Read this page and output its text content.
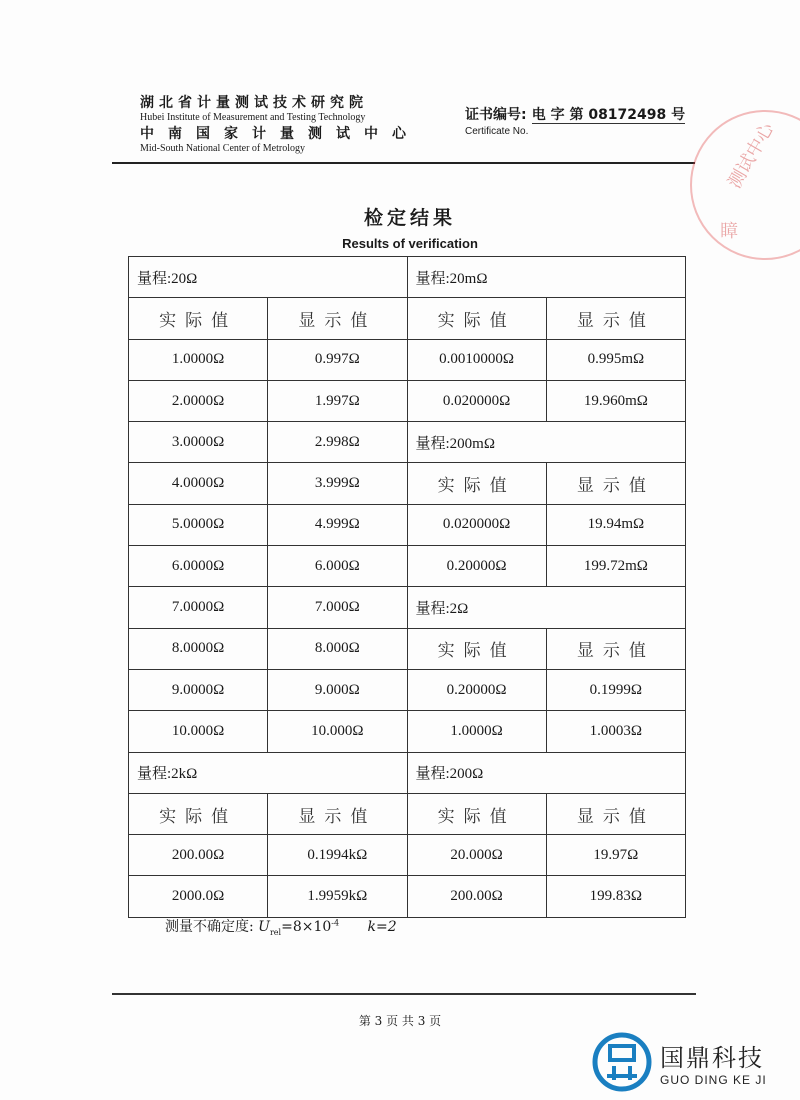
湖北省计量测试技术研究院
Hubei Institute of Measurement and Testing Technology
中南国家计量测试中心
Mid-South National Center of Metrology
证书编号: 电 字 第 08172498 号
Certificate No.	测试中心
瞕
检定结果
Results of verification
量程:20Ω		量程:20mΩ	
实际值	显示值	实际值	显示值
1.0000Ω	0.997Ω	0.0010000Ω	0.995mΩ
2.0000Ω	1.997Ω	0.020000Ω	19.960mΩ
3.0000Ω	2.998Ω	量程:200mΩ	
4.0000Ω	3.999Ω	实际值	显示值
5.0000Ω	4.999Ω	0.020000Ω	19.94mΩ
6.0000Ω	6.000Ω	0.20000Ω	199.72mΩ
7.0000Ω	7.000Ω	量程:2Ω	
8.0000Ω	8.000Ω	实际值	显示值
9.0000Ω	9.000Ω	0.20000Ω	0.1999Ω
10.000Ω	10.000Ω	1.0000Ω	1.0003Ω
量程:2kΩ		量程:200Ω	
实际值	显示值	实际值	显示值
200.00Ω	0.1994kΩ	20.000Ω	19.97Ω
2000.0Ω	1.9959kΩ	200.00Ω	199.83Ω
测量不确定度: $U_{rel}=8\times 10^{-4}$ k=2
第 3 页 共 3 页
国鼎科技
GUO DING KE JI
